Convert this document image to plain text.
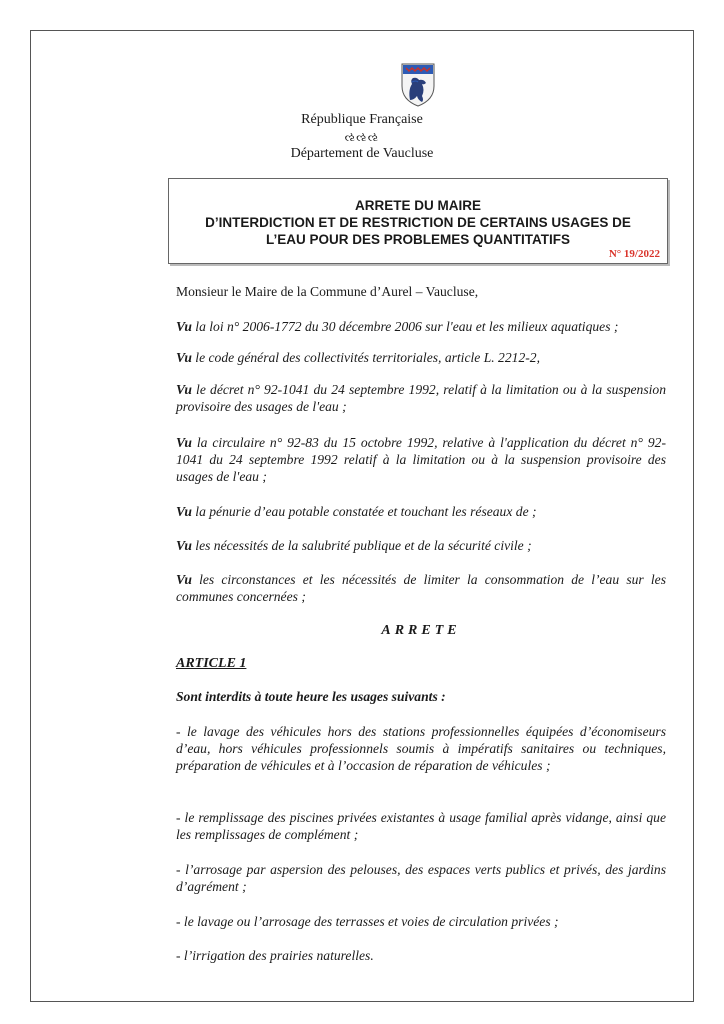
République Française
ઌઌઌ
Département de Vaucluse
ARRETE DU MAIRE
D’INTERDICTION ET DE RESTRICTION DE CERTAINS USAGES DE
L’EAU POUR DES PROBLEMES QUANTITATIFS
N° 19/2022
Monsieur le Maire de la Commune d’Aurel – Vaucluse,
Vu la loi n° 2006-1772 du 30 décembre 2006 sur l'eau et les milieux aquatiques ;
Vu le code général des collectivités territoriales, article L. 2212-2,
Vu le décret n° 92-1041 du 24 septembre 1992, relatif à la limitation ou à la suspension provisoire des usages de l'eau ;
Vu la circulaire n° 92-83 du 15 octobre 1992, relative à l'application du décret n° 92-1041 du 24 septembre 1992 relatif à la limitation ou à la suspension provisoire des usages de l'eau ;
Vu la pénurie d’eau potable constatée et touchant les réseaux de ;
Vu les nécessités de la salubrité publique et de la sécurité civile ;
Vu les circonstances et les nécessités de limiter la consommation de l’eau sur les communes concernées ;
ARRETE
ARTICLE 1
Sont interdits à toute heure les usages suivants :
- le lavage des véhicules hors des stations professionnelles équipées d’économiseurs d’eau, hors véhicules professionnels soumis à impératifs sanitaires ou techniques, préparation de véhicules et à l’occasion de réparation de véhicules ;
- le remplissage des piscines privées existantes à usage familial après vidange, ainsi que les remplissages de complément ;
- l’arrosage par aspersion des pelouses, des espaces verts publics et privés, des jardins d’agrément ;
- le lavage ou l’arrosage des terrasses et voies de circulation privées ;
- l’irrigation des prairies naturelles.
